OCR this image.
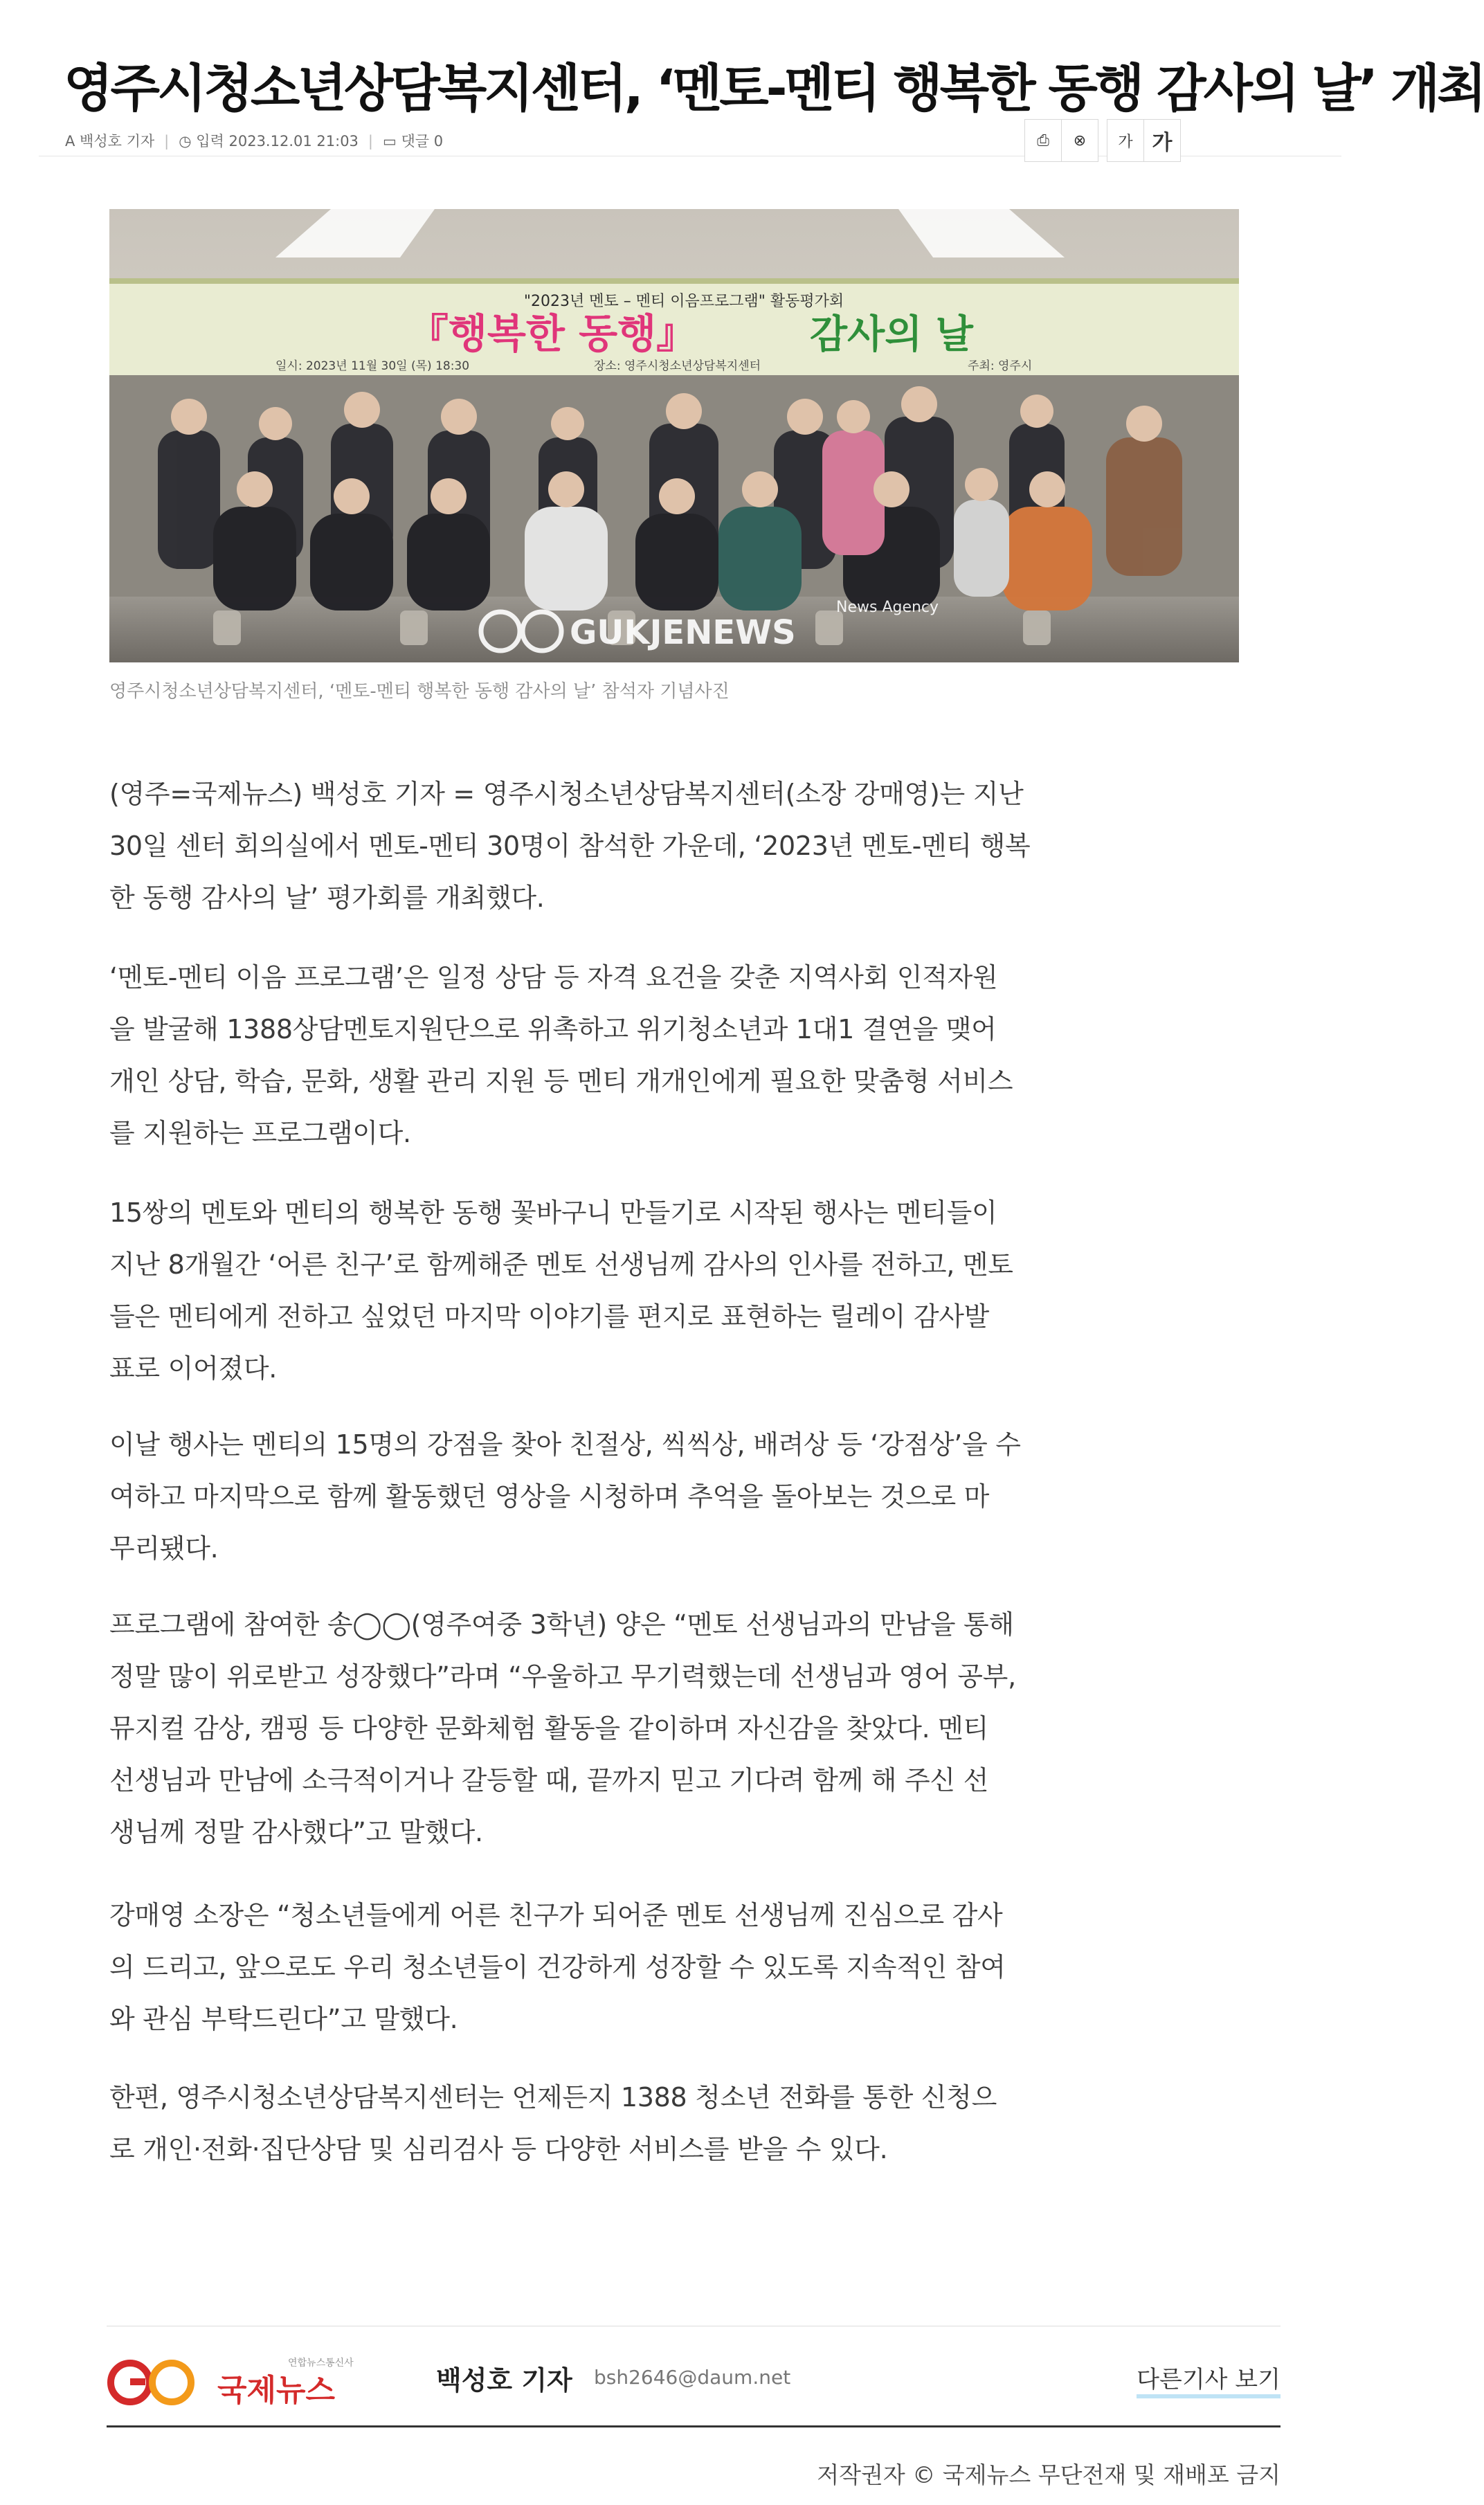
영주시청소년상담복지센터, ‘멘토-멘티 행복한 동행 감사의 날’ 개최
A 백성호 기자 | ◷ 입력 2023.12.01 21:03 | ▭ 댓글 0	⎙ ⊗	가 가
"2023년 멘토 – 멘티 이음프로그램" 활동평가회
『행복한 동행』	감사의 날
일시: 2023년 11월 30일 (목) 18:30	장소: 영주시청소년상담복지센터	주최: 영주시
GUKJENEWS
News Agency
영주시청소년상담복지센터, ‘멘토-멘티 행복한 동행 감사의 날’ 참석자 기념사진
(영주=국제뉴스) 백성호 기자 = 영주시청소년상담복지센터(소장 강매영)는 지난
30일 센터 회의실에서 멘토-멘티 30명이 참석한 가운데, ‘2023년 멘토-멘티 행복
한 동행 감사의 날’ 평가회를 개최했다.
‘멘토-멘티 이음 프로그램’은 일정 상담 등 자격 요건을 갖춘 지역사회 인적자원
을 발굴해 1388상담멘토지원단으로 위촉하고 위기청소년과 1대1 결연을 맺어
개인 상담, 학습, 문화, 생활 관리 지원 등 멘티 개개인에게 필요한 맞춤형 서비스
를 지원하는 프로그램이다.
15쌍의 멘토와 멘티의 행복한 동행 꽃바구니 만들기로 시작된 행사는 멘티들이
지난 8개월간 ‘어른 친구’로 함께해준 멘토 선생님께 감사의 인사를 전하고, 멘토
들은 멘티에게 전하고 싶었던 마지막 이야기를 편지로 표현하는 릴레이 감사발
표로 이어졌다.
이날 행사는 멘티의 15명의 강점을 찾아 친절상, 씩씩상, 배려상 등 ‘강점상’을 수
여하고 마지막으로 함께 활동했던 영상을 시청하며 추억을 돌아보는 것으로 마
무리됐다.
프로그램에 참여한 송◯◯(영주여중 3학년) 양은 “멘토 선생님과의 만남을 통해
정말 많이 위로받고 성장했다”라며 “우울하고 무기력했는데 선생님과 영어 공부,
뮤지컬 감상, 캠핑 등 다양한 문화체험 활동을 같이하며 자신감을 찾았다. 멘티
선생님과 만남에 소극적이거나 갈등할 때, 끝까지 믿고 기다려 함께 해 주신 선
생님께 정말 감사했다”고 말했다.
강매영 소장은 “청소년들에게 어른 친구가 되어준 멘토 선생님께 진심으로 감사
의 드리고, 앞으로도 우리 청소년들이 건강하게 성장할 수 있도록 지속적인 참여
와 관심 부탁드린다”고 말했다.
한편, 영주시청소년상담복지센터는 언제든지 1388 청소년 전화를 통한 신청으
로 개인·전화·집단상담 및 심리검사 등 다양한 서비스를 받을 수 있다.
연합뉴스통신사
국제뉴스	백성호 기자 bsh2646@daum.net	다른기사 보기
저작권자 © 국제뉴스 무단전재 및 재배포 금지
